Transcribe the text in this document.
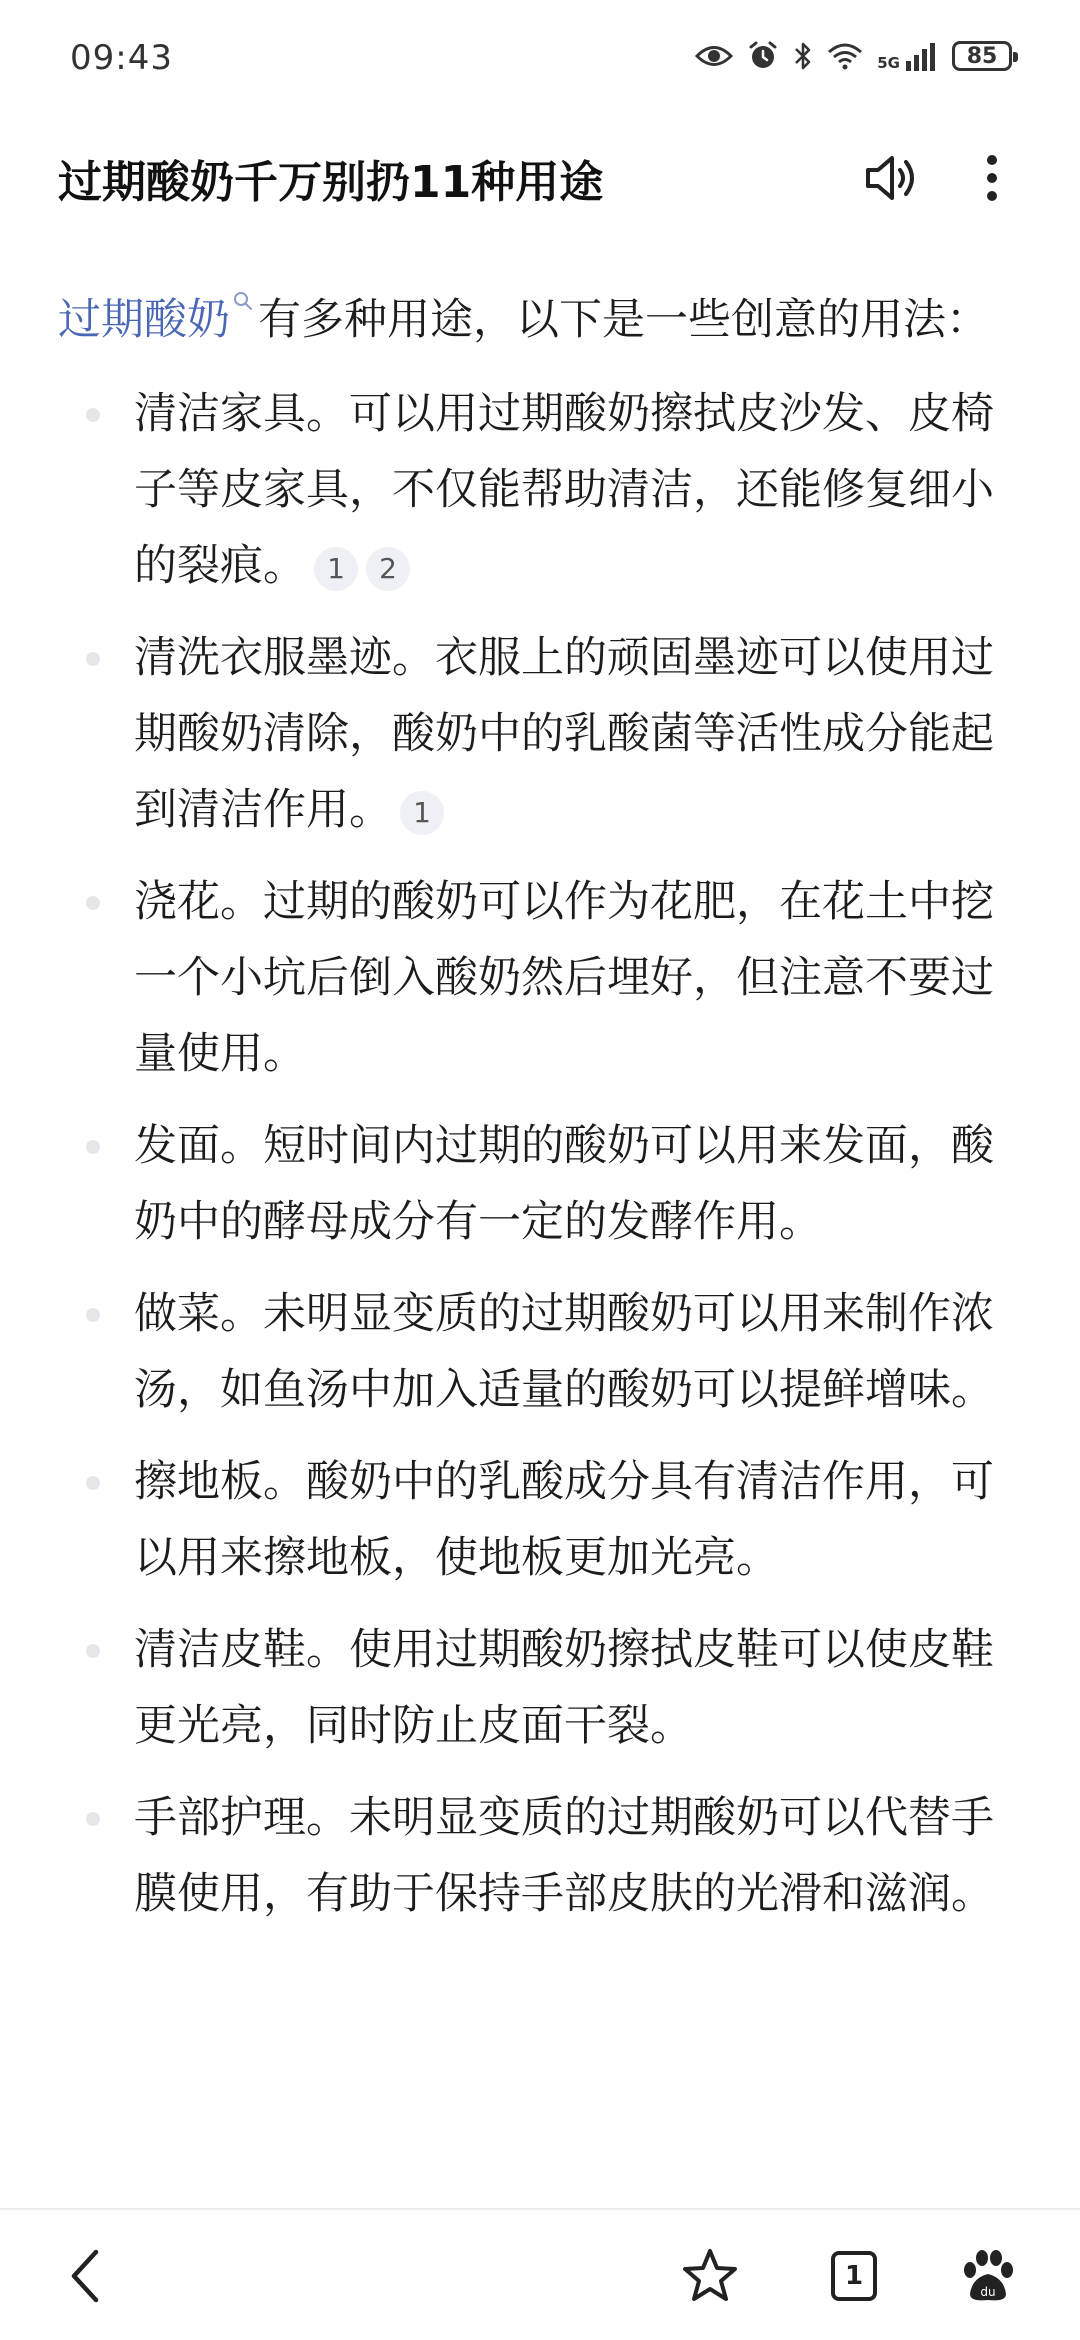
09:43	5G	85
过期酸奶千万别扔11种用途

过期酸奶 有多种用途，以下是一些创意的用法：

清洁家具。可以用过期酸奶擦拭皮沙发、皮椅子等皮家具，不仅能帮助清洁，还能修复细小的裂痕。 1 2
清洗衣服墨迹。衣服上的顽固墨迹可以使用过期酸奶清除，酸奶中的乳酸菌等活性成分能起到清洁作用。 1
浇花。过期的酸奶可以作为花肥，在花土中挖一个小坑后倒入酸奶然后埋好，但注意不要过量使用。
发面。短时间内过期的酸奶可以用来发面，酸奶中的酵母成分有一定的发酵作用。
做菜。未明显变质的过期酸奶可以用来制作浓汤，如鱼汤中加入适量的酸奶可以提鲜增味。
擦地板。酸奶中的乳酸成分具有清洁作用，可以用来擦地板，使地板更加光亮。
清洁皮鞋。使用过期酸奶擦拭皮鞋可以使皮鞋更光亮，同时防止皮面干裂。
手部护理。未明显变质的过期酸奶可以代替手膜使用，有助于保持手部皮肤的光滑和滋润。
1
du
